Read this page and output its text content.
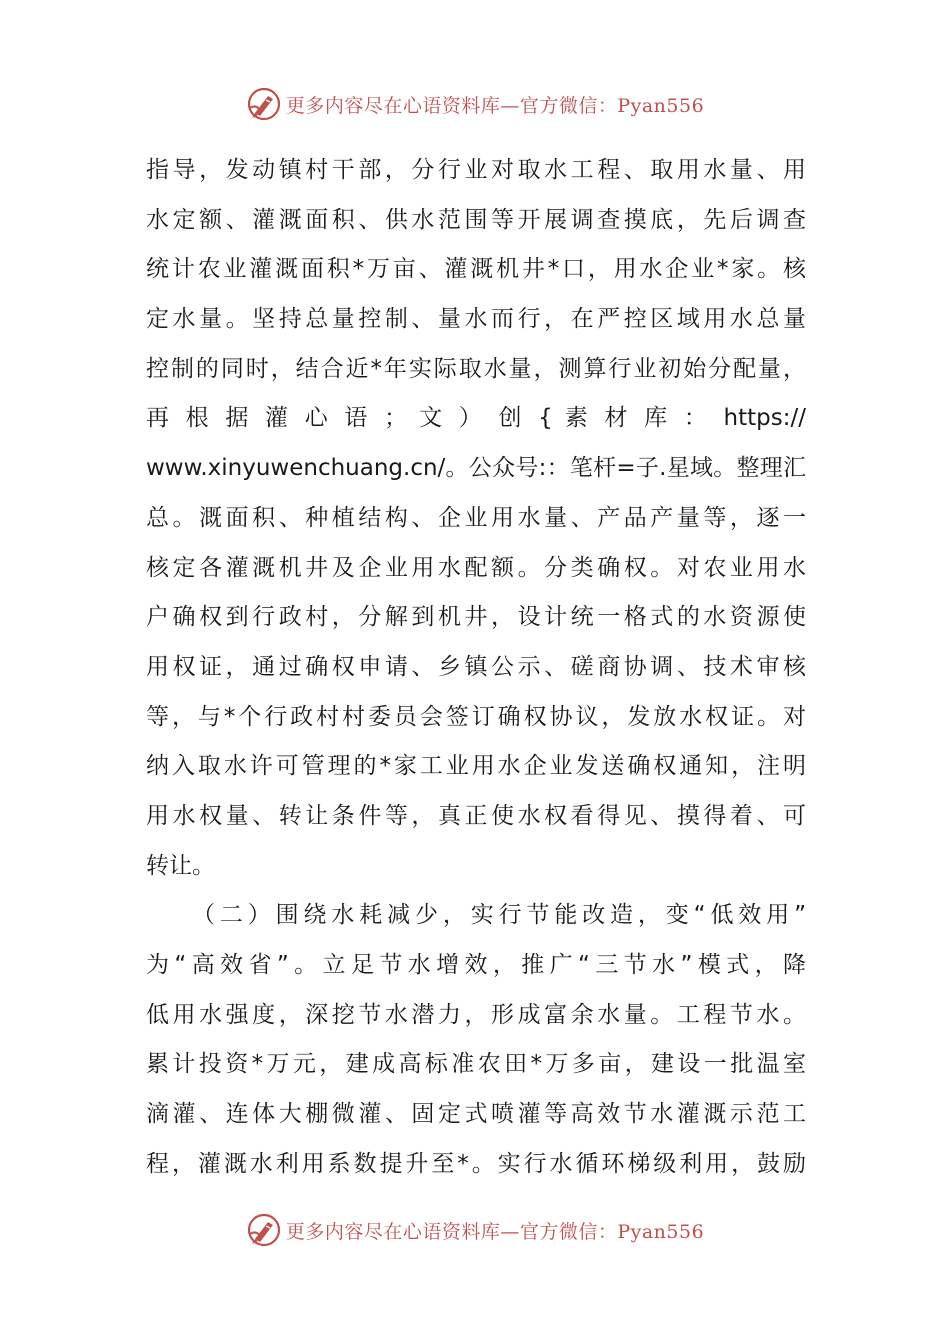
更多内容尽在心语资料库—官方微信：Pyan556
指导，发动镇村干部，分行业对取水工程、取用水量、用
水定额、灌溉面积、供水范围等开展调查摸底，先后调查
统计农业灌溉面积*万亩、灌溉机井*口，用水企业*家。核
定水量。坚持总量控制、量水而行，在严控区域用水总量
控制的同时，结合近*年实际取水量，测算行业初始分配量，
再 根 据 灌 心 语 ； 文 ） 创 { 素 材 库 ： https://
www.xinyuwenchuang.cn/。公众号:：笔杆=子.星域。整理汇
总。溉面积、种植结构、企业用水量、产品产量等，逐一
核定各灌溉机井及企业用水配额。分类确权。对农业用水
户确权到行政村，分解到机井，设计统一格式的水资源使
用权证，通过确权申请、乡镇公示、磋商协调、技术审核
等，与*个行政村村委员会签订确权协议，发放水权证。对
纳入取水许可管理的*家工业用水企业发送确权通知，注明
用水权量、转让条件等，真正使水权看得见、摸得着、可
转让。
（二）围绕水耗减少，实行节能改造，变“低效用”
为“高效省”。立足节水增效，推广“三节水”模式，降
低用水强度，深挖节水潜力，形成富余水量。工程节水。
累计投资*万元，建成高标准农田*万多亩，建设一批温室
滴灌、连体大棚微灌、固定式喷灌等高效节水灌溉示范工
程，灌溉水利用系数提升至*。实行水循环梯级利用，鼓励
更多内容尽在心语资料库—官方微信：Pyan556
